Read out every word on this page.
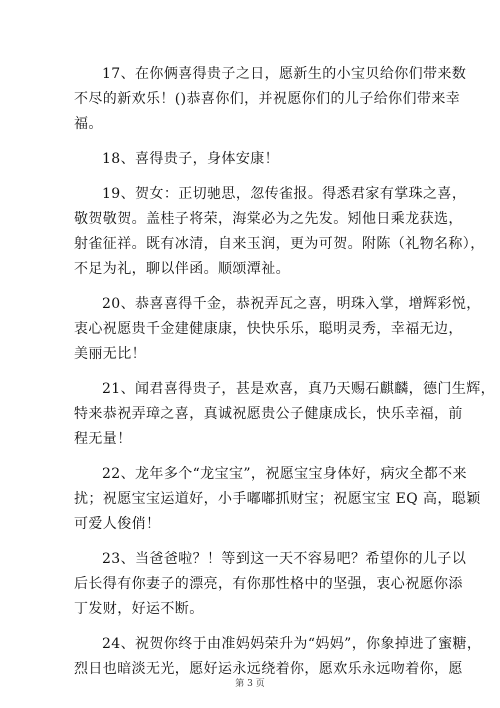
17、在你俩喜得贵子之日，愿新生的小宝贝给你们带来数
不尽的新欢乐！()恭喜你们，并祝愿你们的儿子给你们带来幸
福。
18、喜得贵子，身体安康！
19、贺女：正切驰思，忽传雀报。得悉君家有掌珠之喜，
敬贺敬贺。盖桂子将荣，海棠必为之先发。矧他日乘龙获选，
射雀征祥。既有冰清，自来玉润，更为可贺。附陈（礼物名称），
不足为礼，聊以伴函。顺颂潭祉。
20、恭喜喜得千金，恭祝弄瓦之喜，明珠入掌，增辉彩悦，
衷心祝愿贵千金建健康康，快快乐乐，聪明灵秀，幸福无边，
美丽无比！
21、闻君喜得贵子，甚是欢喜，真乃天赐石麒麟，德门生辉，
特来恭祝弄璋之喜，真诚祝愿贵公子健康成长，快乐幸福，前
程无量！
22、龙年多个“龙宝宝”，祝愿宝宝身体好，病灾全都不来
扰；祝愿宝宝运道好，小手嘟嘟抓财宝；祝愿宝宝 EQ 高，聪颖
可爱人俊俏！
23、当爸爸啦？！等到这一天不容易吧？希望你的儿子以
后长得有你妻子的漂亮，有你那性格中的坚强，衷心祝愿你添
丁发财，好运不断。
24、祝贺你终于由准妈妈荣升为“妈妈”，你象掉进了蜜糖，
烈日也暗淡无光，愿好运永远绕着你，愿欢乐永远吻着你，愿
第 3 页
